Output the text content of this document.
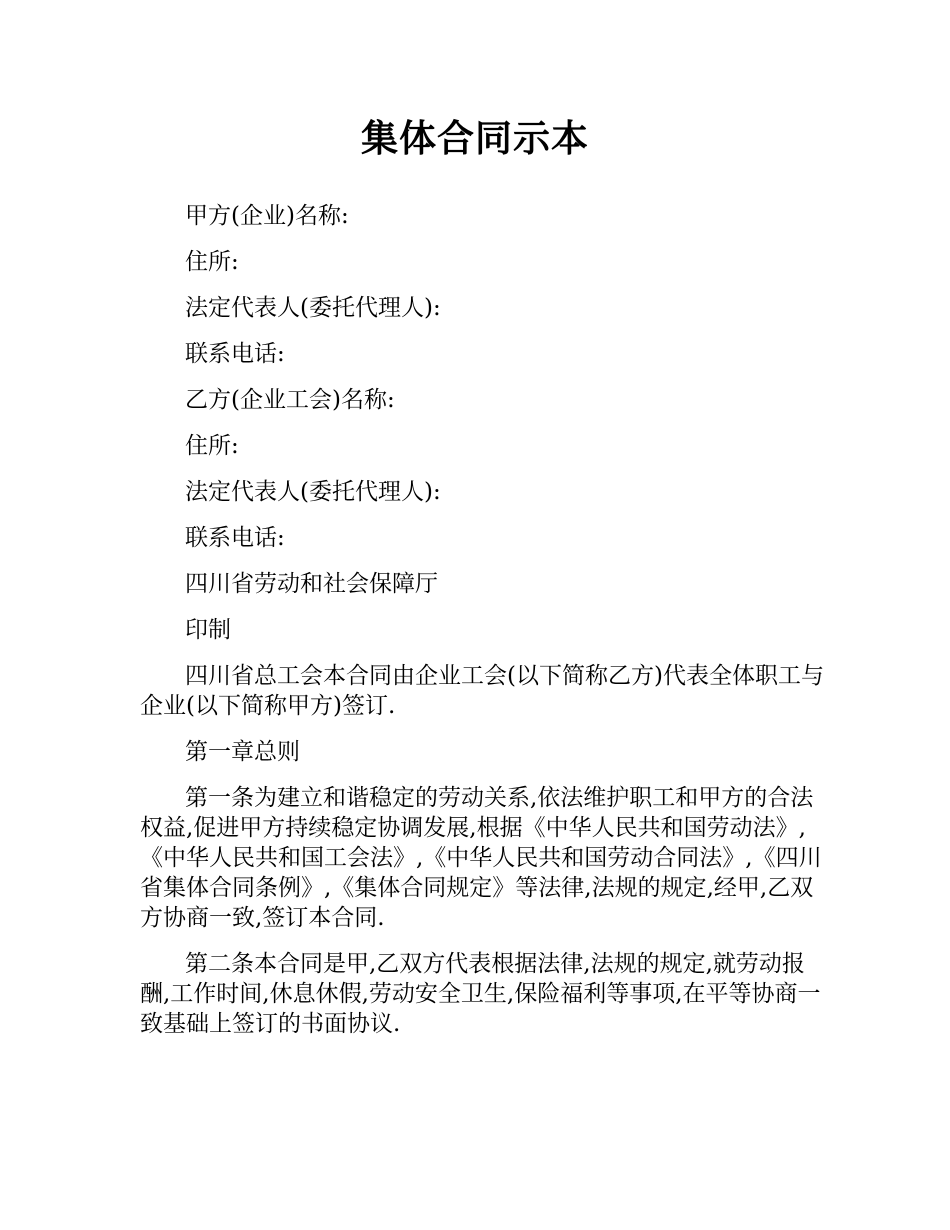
集体合同示本
甲方(企业)名称:
住所:
法定代表人(委托代理人):
联系电话:
乙方(企业工会)名称:
住所:
法定代表人(委托代理人):
联系电话:
四川省劳动和社会保障厅
印制

四川省总工会本合同由企业工会(以下简称乙方)代表全体职工与企业(以下简称甲方)签订.

第一章总则

第一条为建立和谐稳定的劳动关系,依法维护职工和甲方的合法权益,促进甲方持续稳定协调发展,根据《中华人民共和国劳动法》,《中华人民共和国工会法》,《中华人民共和国劳动合同法》,《四川省集体合同条例》,《集体合同规定》等法律,法规的规定,经甲,乙双方协商一致,签订本合同.

第二条本合同是甲,乙双方代表根据法律,法规的规定,就劳动报酬,工作时间,休息休假,劳动安全卫生,保险福利等事项,在平等协商一致基础上签订的书面协议.
